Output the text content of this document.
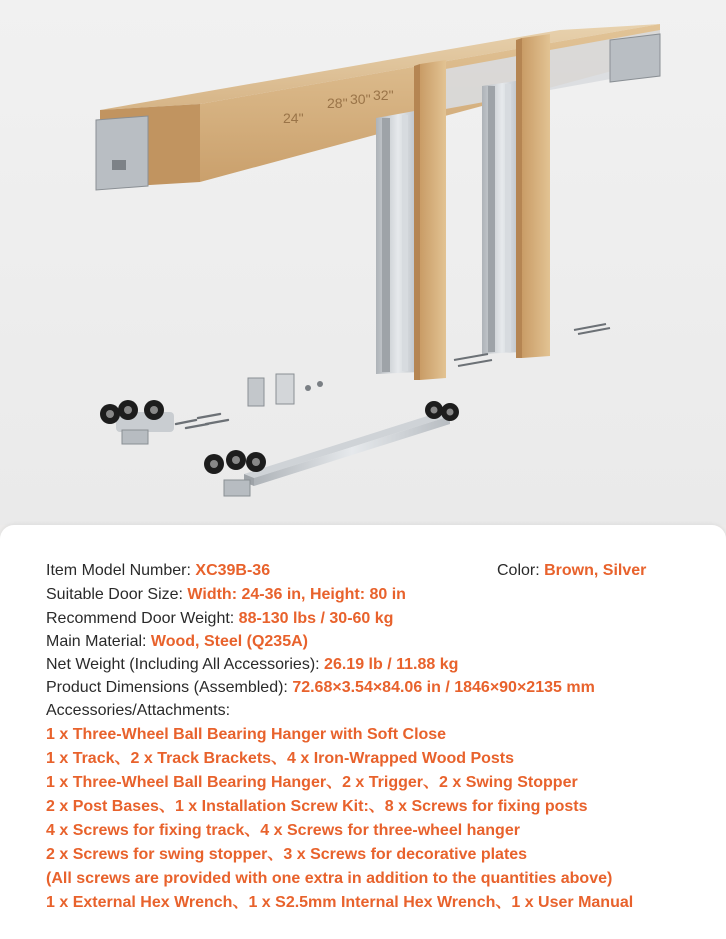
24"
28" 30" 32"
Item Model Number: XC39B-36	Color: Brown, Silver
Suitable Door Size: Width: 24-36 in, Height: 80 in
Recommend Door Weight: 88-130 lbs / 30-60 kg
Main Material: Wood, Steel (Q235A)
Net Weight (Including All Accessories): 26.19 lb / 11.88 kg
Product Dimensions (Assembled): 72.68×3.54×84.06 in / 1846×90×2135 mm
Accessories/Attachments:
1 x Three-Wheel Ball Bearing Hanger with Soft Close
1 x Track、2 x Track Brackets、4 x Iron-Wrapped Wood Posts
1 x Three-Wheel Ball Bearing Hanger、2 x Trigger、2 x Swing Stopper
2 x Post Bases、1 x Installation Screw Kit:、8 x Screws for fixing posts
4 x Screws for fixing track、4 x Screws for three-wheel hanger
2 x Screws for swing stopper、3 x Screws for decorative plates
(All screws are provided with one extra in addition to the quantities above)
1 x External Hex Wrench、1 x S2.5mm Internal Hex Wrench、1 x User Manual
